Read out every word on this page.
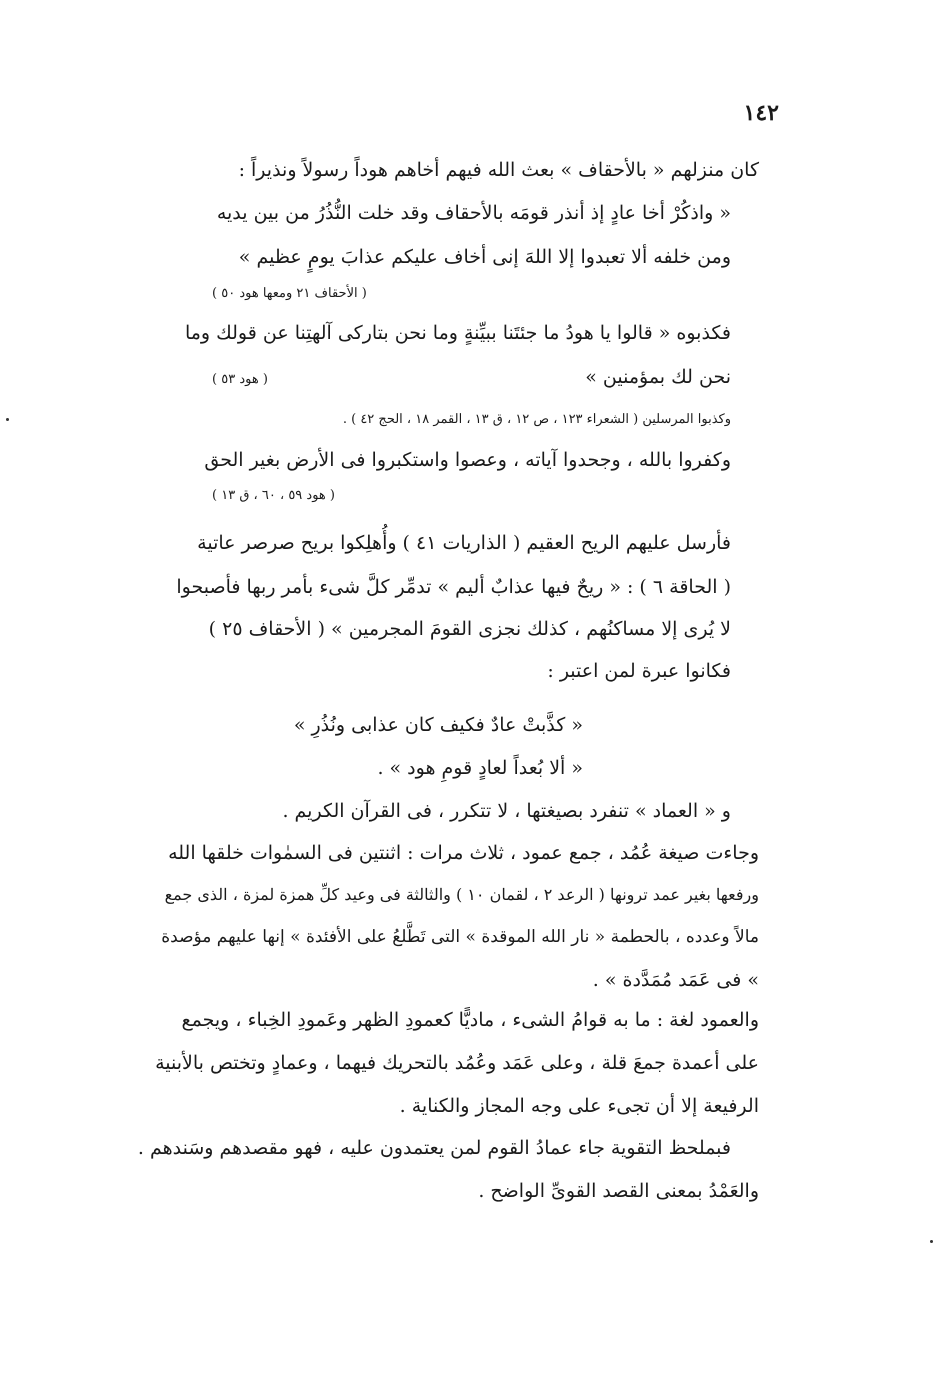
١٤٢
كان منزلهم « بالأحقاف » بعث الله فيهم أخاهم هوداً رسولاً ونذيراً :
« واذكُرْ أخا عادٍ إذ أنذر قومَه بالأحقاف وقد خلت النُّذُرُ من بين يديه
ومن خلفه ألا تعبدوا إلا اللهَ إنى أخاف عليكم عذابَ يومٍ عظيم »
( الأحقاف ٢١ ومعها هود ٥٠ )
فكذبوه « قالوا يا هودُ ما جئتَنا ببيِّنةٍ وما نحن بتاركى آلهتِنا عن قولك وما
نحن لك بمؤمنين »
( هود ٥٣ )
وكذبوا المرسلين ( الشعراء ١٢٣ ، ص ١٢ ، ق ١٣ ، القمر ١٨ ، الحج ٤٢ ) .
وكفروا بالله ، وجحدوا آياته ، وعصوا واستكبروا فى الأرض بغير الحق
( هود ٥٩ ، ٦٠ ، ق ١٣ )
فأرسل عليهم الريح العقيم ( الذاريات ٤١ ) وأُهلِكوا بريح صرصر عاتية
( الحاقة ٦ ) : « ريحٌ فيها عذابٌ أليم » تدمِّر كلَّ شىء بأمر ربها فأصبحوا
لا يُرى إلا مساكنُهم ، كذلك نجزى القومَ المجرمين » ( الأحقاف ٢٥ )
فكانوا عبرة لمن اعتبر :
« كذَّبتْ عادٌ فكيف كان عذابى ونُذُرِ »
« ألا بُعداً لعادٍ قومِ هود » .
و « العماد » تنفرد بصيغتها ، لا تتكرر ، فى القرآن الكريم .
وجاءت صيغة عُمُد ، جمع عمود ، ثلاث مرات : اثنتين فى السمٰوات خلقها الله
ورفعها بغير عمد ترونها ( الرعد ٢ ، لقمان ١٠ ) والثالثة فى وعيد كلِّ همزة لمزة ، الذى جمع
مالاً وعدده ، بالحطمة « نار الله الموقدة » التى تَطَّلعُ على الأفئدة » إنها عليهم مؤصدة
» فى عَمَد مُمَدَّدة » .
والعمود لغة : ما به قوامُ الشىء ، ماديًّا كعمودِ الظهر وعَمودِ الخِباء ، ويجمع
على أعمدة جمعَ قلة ، وعلى عَمَد وعُمُد بالتحريك فيهما ، وعمادٍ وتختص بالأبنية
الرفيعة إلا أن تجىء على وجه المجاز والكناية .
فبملحظ التقوية جاء عمادُ القوم لمن يعتمدون عليه ، فهو مقصدهم وسَندهم .
والعَمْدُ بمعنى القصد القوىِّ الواضح .
